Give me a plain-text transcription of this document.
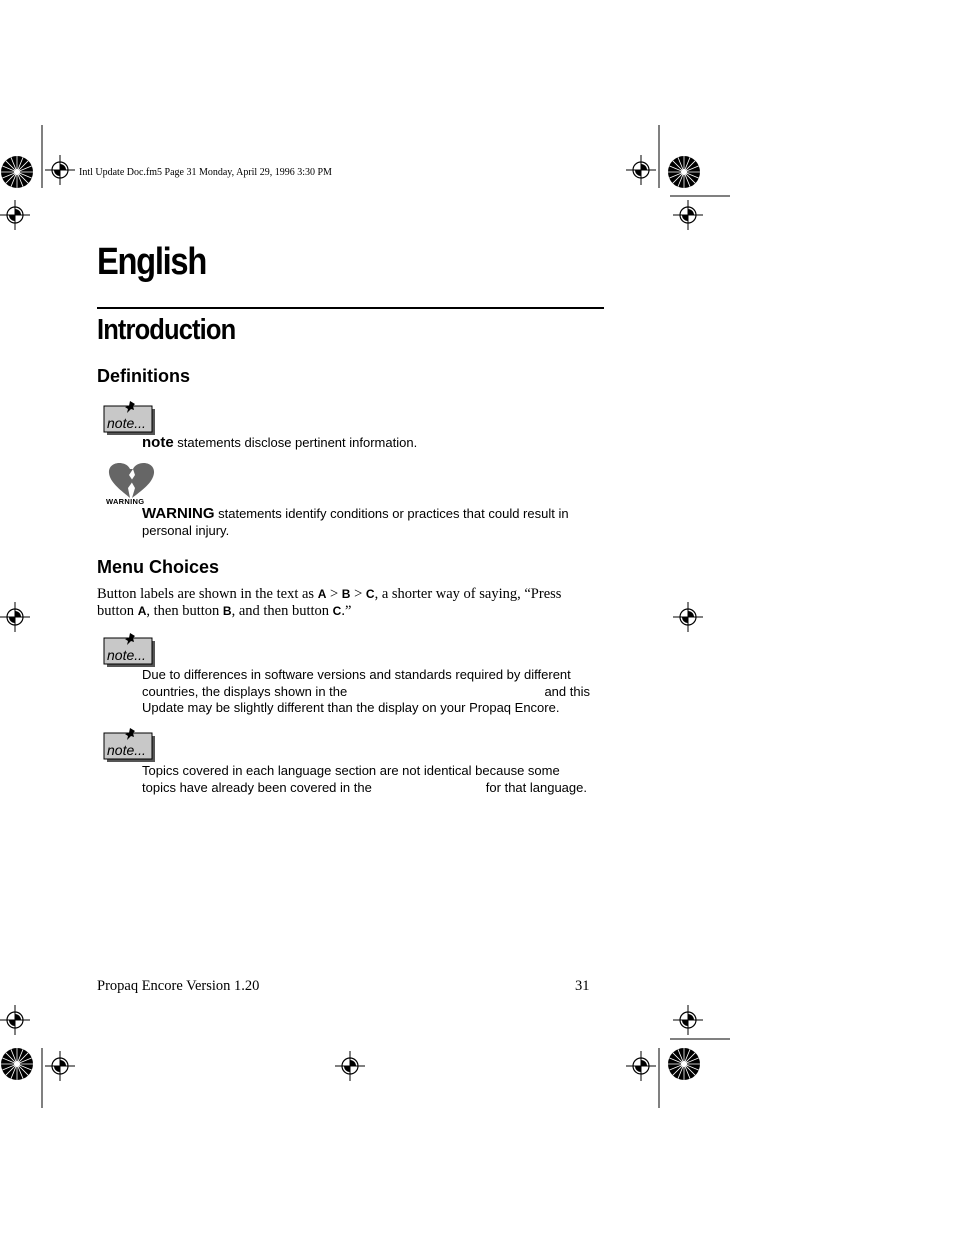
Intl Update Doc.fm5 Page 31 Monday, April 29, 1996 3:30 PM
English
Introduction
Definitions
note...
note statements disclose pertinent information.
WARNING
WARNING statements identify conditions or practices that could result in
personal injury.
Menu Choices
Button labels are shown in the text as A > B > C, a shorter way of saying, “Press
button A, then button B, and then button C.”
note...
Due to differences in software versions and standards required by different
countries, the displays shown in the	and this
Update may be slightly different than the display on your Propaq Encore.
note...
Topics covered in each language section are not identical because some
topics have already been covered in the	for that language.
Propaq Encore Version 1.20	31
